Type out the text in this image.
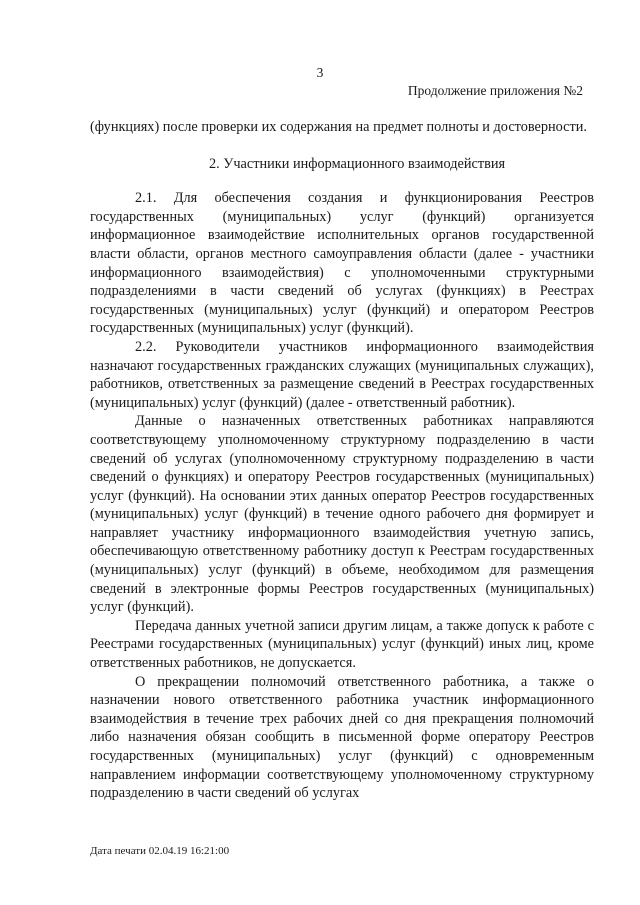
3
Продолжение приложения №2

(функциях) после проверки их содержания на предмет полноты и достоверности.

2. Участники информационного взаимодействия

2.1. Для обеспечения создания и функционирования Реестров государственных (муниципальных) услуг (функций) организуется информационное взаимодействие исполнительных органов государственной власти области, органов местного самоуправления области (далее - участники информационного взаимодействия) с уполномоченными структурными подразделениями в части сведений об услугах (функциях) в Реестрах государственных (муниципальных) услуг (функций) и оператором Реестров государственных (муниципальных) услуг (функций).

2.2. Руководители участников информационного взаимодействия назначают государственных гражданских служащих (муниципальных служащих), работников, ответственных за размещение сведений в Реестрах государственных (муниципальных) услуг (функций) (далее - ответственный работник).

Данные о назначенных ответственных работниках направляются соответствующему уполномоченному структурному подразделению в части сведений об услугах (уполномоченному структурному подразделению в части сведений о функциях) и оператору Реестров государственных (муниципальных) услуг (функций). На основании этих данных оператор Реестров государственных (муниципальных) услуг (функций) в течение одного рабочего дня формирует и направляет участнику информационного взаимодействия учетную запись, обеспечивающую ответственному работнику доступ к Реестрам государственных (муниципальных) услуг (функций) в объеме, необходимом для размещения сведений в электронные формы Реестров государственных (муниципальных) услуг (функций).

Передача данных учетной записи другим лицам, а также допуск к работе с Реестрами государственных (муниципальных) услуг (функций) иных лиц, кроме ответственных работников, не допускается.

О прекращении полномочий ответственного работника, а также о назначении нового ответственного работника участник информационного взаимодействия в течение трех рабочих дней со дня прекращения полномочий либо назначения обязан сообщить в письменной форме оператору Реестров государственных (муниципальных) услуг (функций) с одновременным направлением информации соответствующему уполномоченному структурному подразделению в части сведений об услугах

Дата печати 02.04.19 16:21:00
